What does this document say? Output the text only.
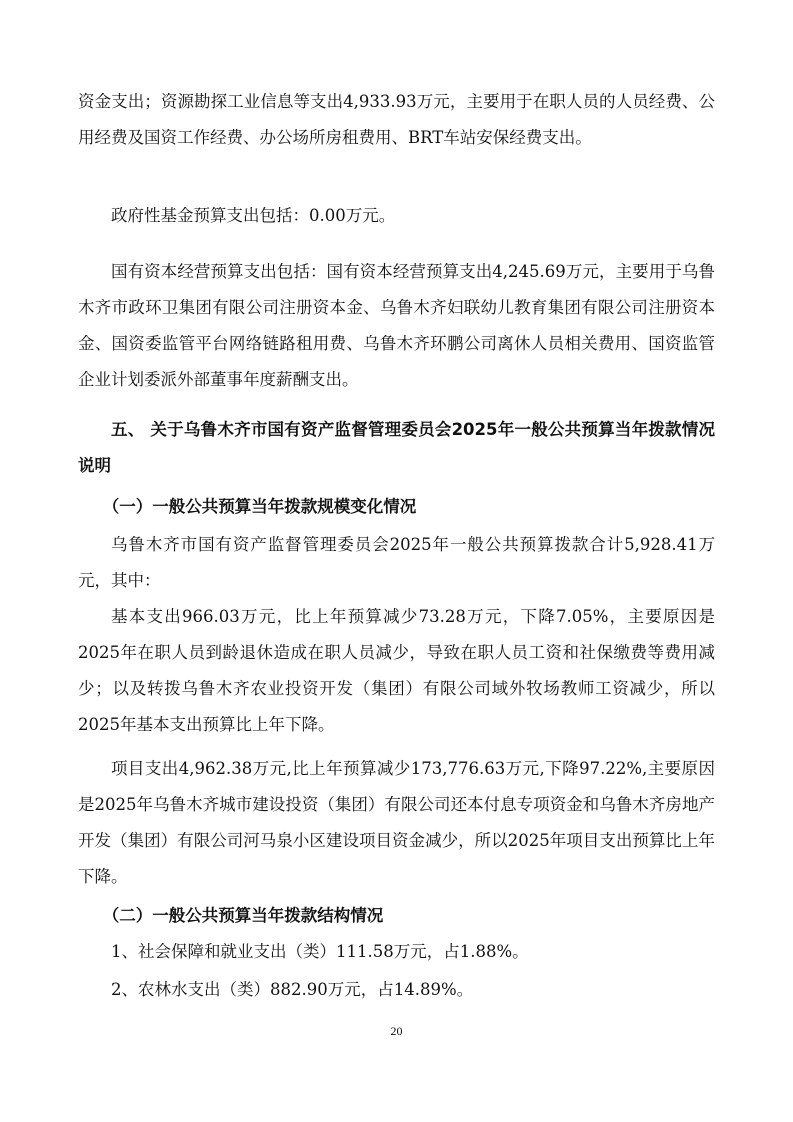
资金支出；资源勘探工业信息等支出4,933.93万元，主要用于在职人员的人员经费、公用经费及国资工作经费、办公场所房租费用、BRT车站安保经费支出。

政府性基金预算支出包括：0.00万元。

国有资本经营预算支出包括：国有资本经营预算支出4,245.69万元，主要用于乌鲁木齐市政环卫集团有限公司注册资本金、乌鲁木齐妇联幼儿教育集团有限公司注册资本金、国资委监管平台网络链路租用费、乌鲁木齐环鹏公司离休人员相关费用、国资监管企业计划委派外部董事年度薪酬支出。

五、 关于乌鲁木齐市国有资产监督管理委员会2025年一般公共预算当年拨款情况说明

（一）一般公共预算当年拨款规模变化情况

乌鲁木齐市国有资产监督管理委员会2025年一般公共预算拨款合计5,928.41万元，其中：

基本支出966.03万元，比上年预算减少73.28万元，下降7.05%，主要原因是2025年在职人员到龄退休造成在职人员减少，导致在职人员工资和社保缴费等费用减少；以及转拨乌鲁木齐农业投资开发（集团）有限公司域外牧场教师工资减少，所以2025年基本支出预算比上年下降。

项目支出4,962.38万元,比上年预算减少173,776.63万元,下降97.22%,主要原因是2025年乌鲁木齐城市建设投资（集团）有限公司还本付息专项资金和乌鲁木齐房地产开发（集团）有限公司河马泉小区建设项目资金减少，所以2025年项目支出预算比上年下降。

（二）一般公共预算当年拨款结构情况

1、社会保障和就业支出（类）111.58万元，占1.88%。

2、农林水支出（类）882.90万元，占14.89%。

20
